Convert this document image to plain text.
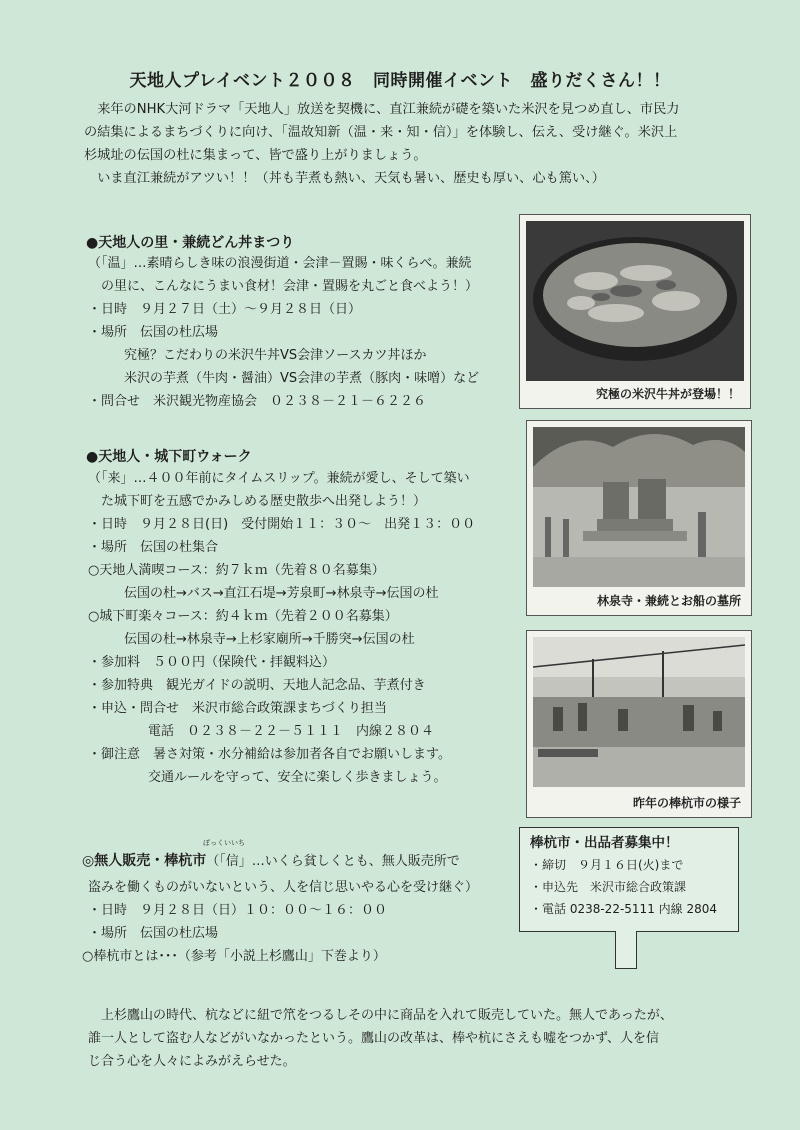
天地人プレイベント２００８　同時開催イベント　盛りだくさん！！

来年のNHK大河ドラマ「天地人」放送を契機に、直江兼続が礎を築いた米沢を見つめ直し、市民力

の結集によるまちづくりに向け、「温故知新（温・来・知・信）」を体験し、伝え、受け継ぐ。米沢上

杉城址の伝国の杜に集まって、皆で盛り上がりましょう。

いま直江兼続がアツい！！（丼も芋煮も熱い、天気も暑い、歴史も厚い、心も篤い、）

●天地人の里・兼続どん丼まつり
（「温」…素晴らしき味の浪漫街道・会津－置賜・味くらべ。兼続
の里に、こんなにうまい食材！会津・置賜を丸ごと食べよう！）
・日時　９月２７日（土）～９月２８日（日）
・場所　伝国の杜広場
究極？こだわりの米沢牛丼VS会津ソースカツ丼ほか
米沢の芋煮（牛肉・醤油）VS会津の芋煮（豚肉・味噌）など
・問合せ　米沢観光物産協会　０２３８－２１－６２２６	究極の米沢牛丼が登場！！
●天地人・城下町ウォーク
（「来」…４００年前にタイムスリップ。兼続が愛し、そして築い
た城下町を五感でかみしめる歴史散歩へ出発しよう！）
・日時　９月２８日(日)　受付開始１１：３０～　出発１３：００
・場所　伝国の杜集合
○天地人満喫コース：約７ｋｍ（先着８０名募集）
伝国の杜→バス→直江石堤→芳泉町→林泉寺→伝国の杜
○城下町楽々コース：約４ｋｍ（先着２００名募集）
伝国の杜→林泉寺→上杉家廟所→千勝突→伝国の杜
・参加料　５００円（保険代・拝観料込）
・参加特典　観光ガイドの説明、天地人記念品、芋煮付き
・申込・問合せ　米沢市総合政策課まちづくり担当
電話　０２３８－２２－５１１１　内線２８０４
・御注意　暑さ対策・水分補給は参加者各自でお願いします。
交通ルールを守って、安全に楽しく歩きましょう。
林泉寺・兼続とお船の墓所
昨年の棒杭市の様子
ぼっくいいち
◎無人販売・棒杭市（「信」…いくら貧しくとも、無人販売所で
盗みを働くものがいないという、人を信じ思いやる心を受け継ぐ）
・日時　９月２８日（日）１０：００～１６：００
・場所　伝国の杜広場
○棒杭市とは･･･（参考「小説上杉鷹山」下巻より）
棒杭市・出品者募集中！
・締切　９月１６日(火)まで
・申込先　米沢市総合政策課
・電話 0238-22-5111 内線 2804

上杉鷹山の時代、杭などに紐で笊をつるしその中に商品を入れて販売していた。無人であったが、

誰一人として盗む人などがいなかったという。鷹山の改革は、棒や杭にさえも嘘をつかず、人を信

じ合う心を人々によみがえらせた。
